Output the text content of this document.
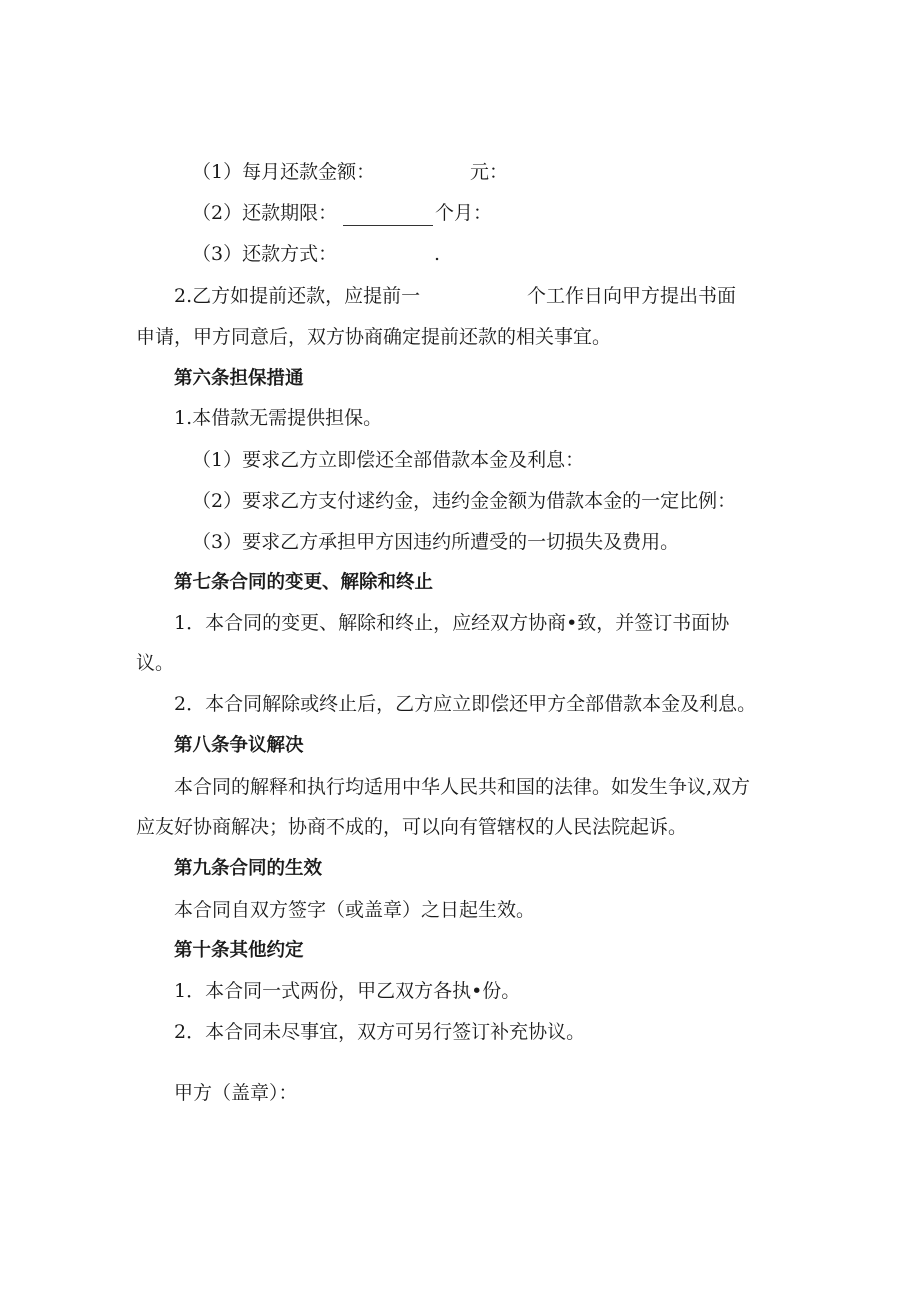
（1）每月还款金额：	元：
（2）还款期限：	个月：
（3）还款方式：	.
2.乙方如提前还款，应提前一	个工作日向甲方提出书面
申请，甲方同意后，双方协商确定提前还款的相关事宜。
第六条担保措通
1.本借款无需提供担保。
（1）要求乙方立即偿还全部借款本金及利息：
（2）要求乙方支付逑约金，违约金金额为借款本金的一定比例：
（3）要求乙方承担甲方因违约所遭受的一切损失及费用。
第七条合同的变更、解除和终止
1．本合同的变更、解除和终止，应经双方协商•致，并签订书面协
议。
2．本合同解除或终止后，乙方应立即偿还甲方全部借款本金及利息。
第八条争议解决
本合同的解释和执行均适用中华人民共和国的法律。如发生争议,双方
应友好协商解决；协商不成的，可以向有管辖权的人民法院起诉。
第九条合同的生效
本合同自双方签字（或盖章）之日起生效。
第十条其他约定
1．本合同一式两份，甲乙双方各执•份。
2．本合同未尽事宜，双方可另行签订补充协议。
甲方（盖章）：
